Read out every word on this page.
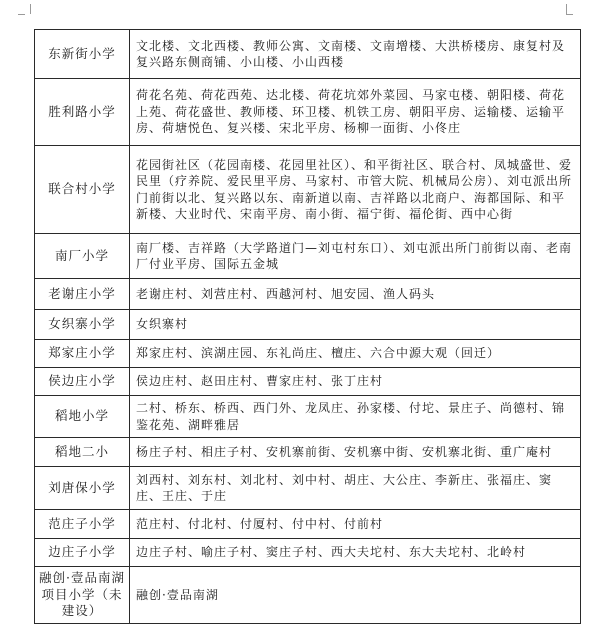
东新街小学	文北楼、文北西楼、教师公寓、文南楼、文南增楼、大洪桥楼房、康复村及复兴路东侧商铺、小山楼、小山西楼
胜利路小学	荷花名苑、荷花西苑、达北楼、荷花坑郊外菜园、马家屯楼、朝阳楼、荷花上苑、荷花盛世、教师楼、环卫楼、机铁工房、朝阳平房、运输楼、运输平房、荷塘悦色、复兴楼、宋北平房、杨柳一面街、小佟庄
联合村小学	花园街社区（花园南楼、花园里社区）、和平街社区、联合村、凤城盛世、爱民里（疗养院、爱民里平房、马家村、市管大院、机械局公房）、刘屯派出所门前街以北、复兴路以东、南新道以南、吉祥路以北商户、海都国际、和平新楼、大业时代、宋南平房、南小街、福宁街、福伦街、西中心街
南厂小学	南厂楼、吉祥路（大学路道门—刘屯村东口）、刘屯派出所门前街以南、老南厂付业平房、国际五金城
老谢庄小学	老谢庄村、刘营庄村、西越河村、旭安园、渔人码头
女织寨小学	女织寨村
郑家庄小学	郑家庄村、滨湖庄园、东礼尚庄、檀庄、六合中源大观（回迁）
侯边庄小学	侯边庄村、赵田庄村、曹家庄村、张丁庄村
稻地小学	二村、桥东、桥西、西门外、龙凤庄、孙家楼、付坨、景庄子、尚德村、锦鉴花苑、湖畔雅居
稻地二小	杨庄子村、相庄子村、安机寨前街、安机寨中街、安机寨北街、重广庵村
刘唐保小学	刘西村、刘东村、刘北村、刘中村、胡庄、大公庄、李新庄、张福庄、窦庄、王庄、于庄
范庄子小学	范庄村、付北村、付厦村、付中村、付前村
边庄子小学	边庄子村、喻庄子村、窦庄子村、西大夫坨村、东大夫坨村、北岭村
融创·壹品南湖项目小学（未建设）	融创·壹品南湖
